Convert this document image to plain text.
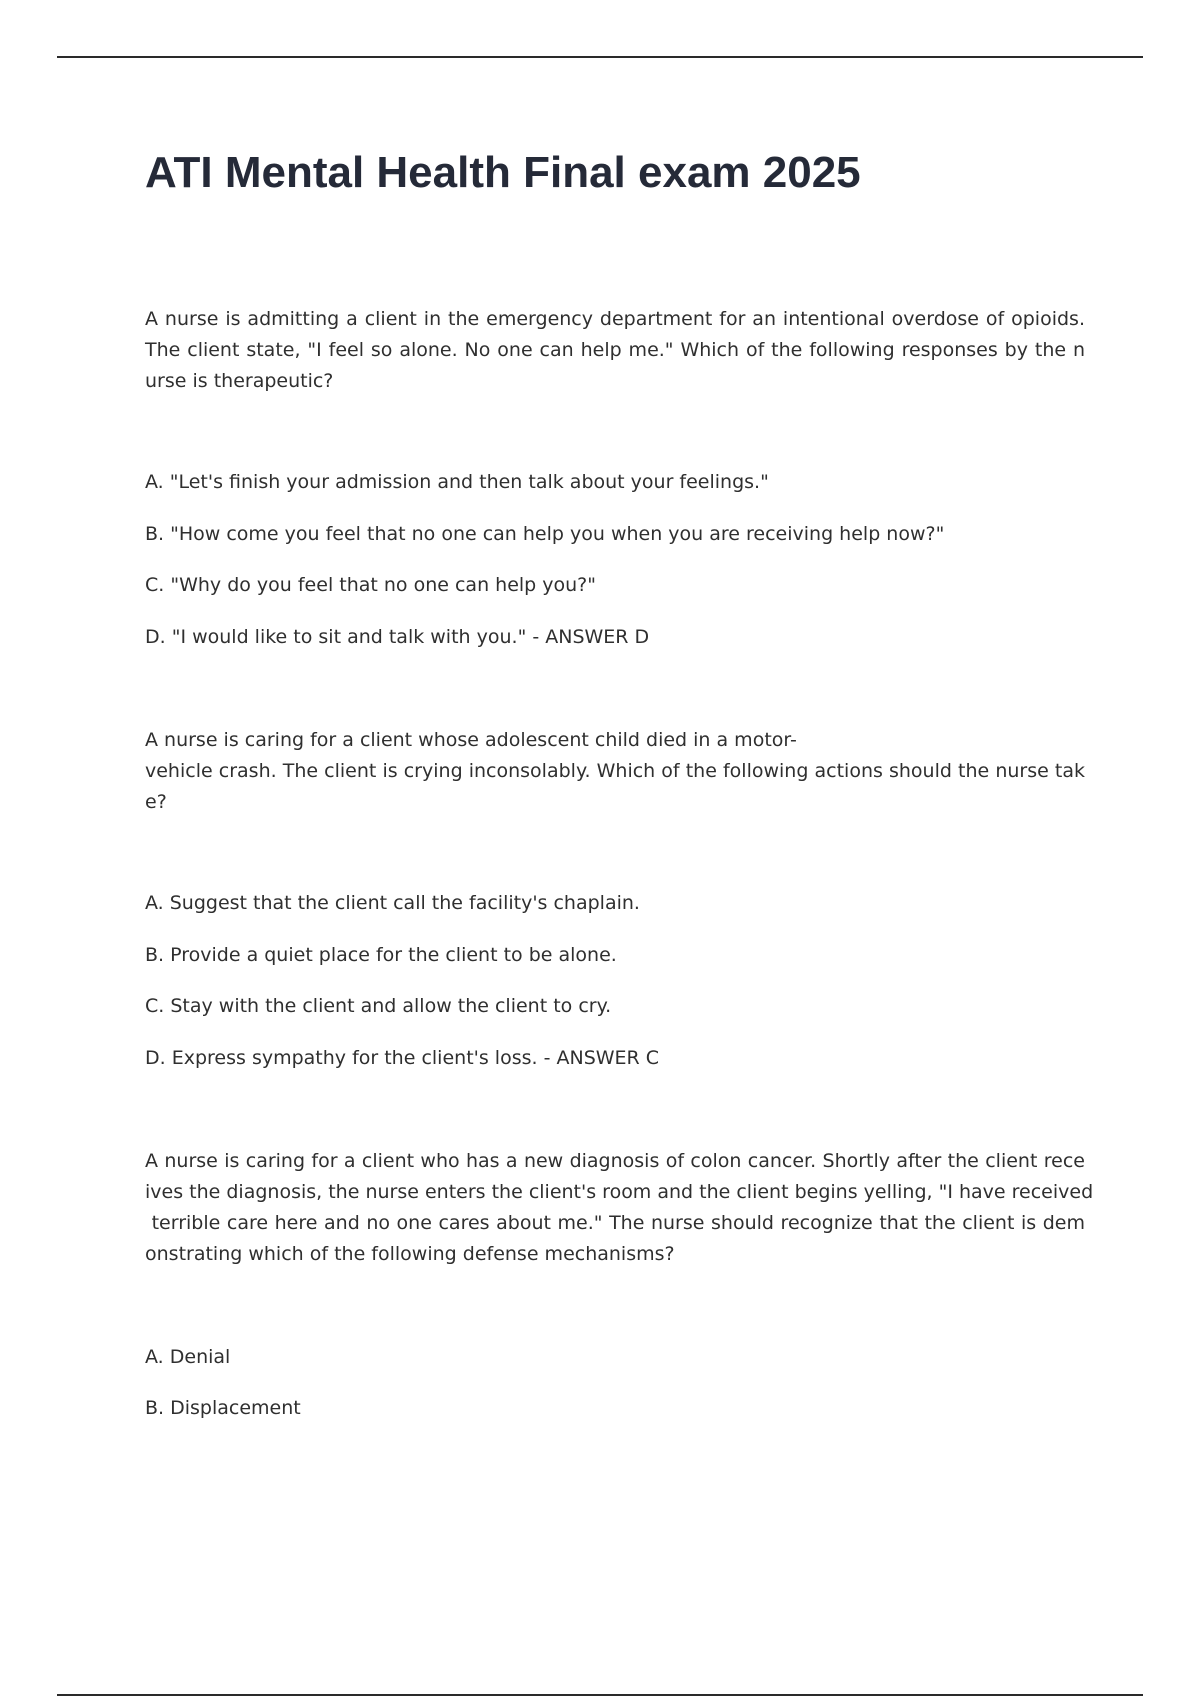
ATI Mental Health Final exam 2025
A nurse is admitting a client in the emergency department for an intentional overdose of opioids.
The client state, "I feel so alone. No one can help me." Which of the following responses by the n
urse is therapeutic?
A. "Let's finish your admission and then talk about your feelings."
B. "How come you feel that no one can help you when you are receiving help now?"
C. "Why do you feel that no one can help you?"
D. "I would like to sit and talk with you." - ANSWER D
A nurse is caring for a client whose adolescent child died in a motor-
vehicle crash. The client is crying inconsolably. Which of the following actions should the nurse tak
e?
A. Suggest that the client call the facility's chaplain.
B. Provide a quiet place for the client to be alone.
C. Stay with the client and allow the client to cry.
D. Express sympathy for the client's loss. - ANSWER C
A nurse is caring for a client who has a new diagnosis of colon cancer. Shortly after the client rece
ives the diagnosis, the nurse enters the client's room and the client begins yelling, "I have received
terrible care here and no one cares about me." The nurse should recognize that the client is dem
onstrating which of the following defense mechanisms?
A. Denial
B. Displacement
